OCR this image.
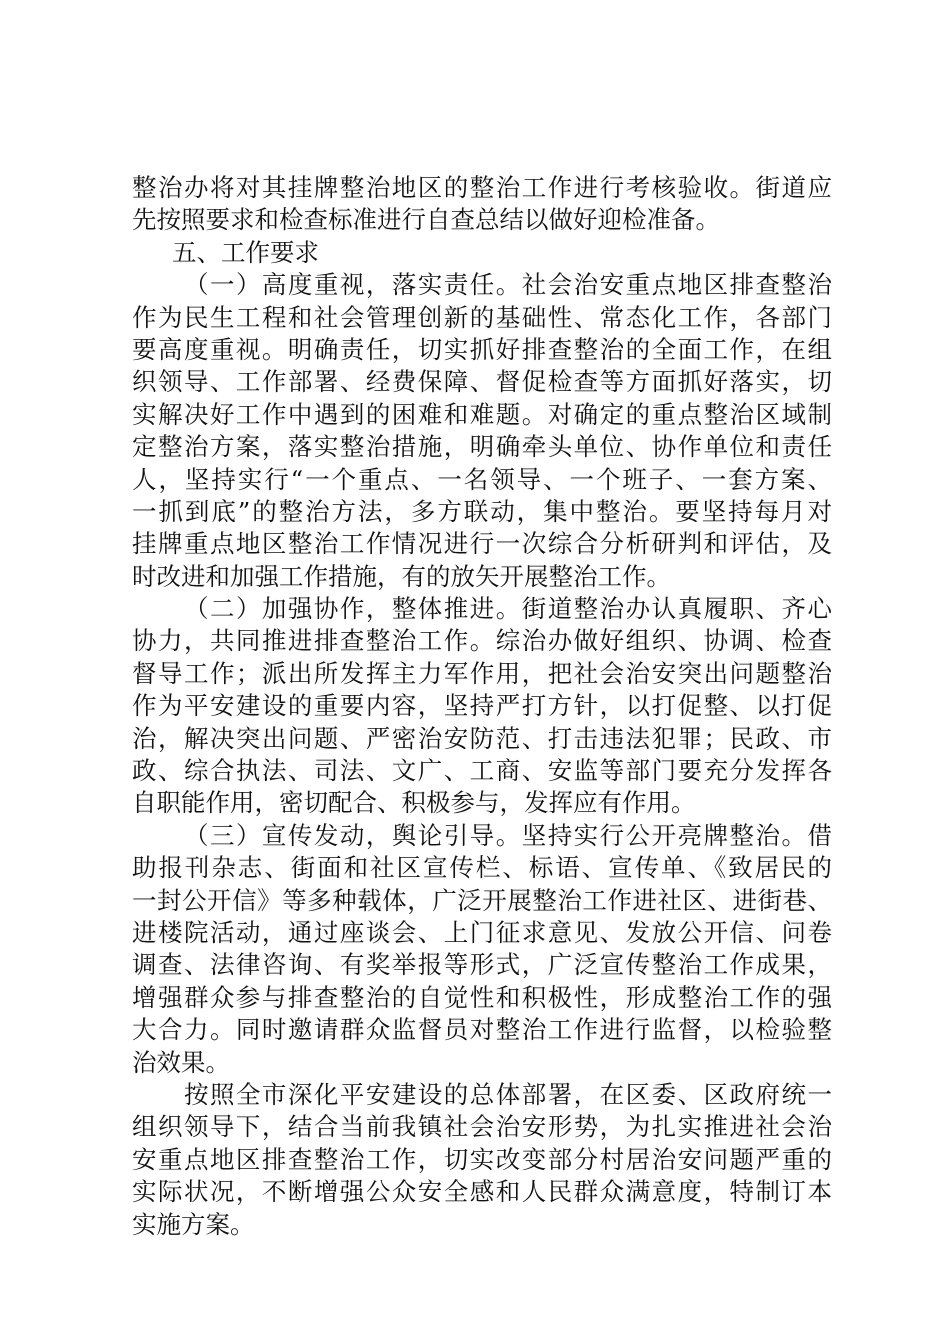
整治办将对其挂牌整治地区的整治工作进行考核验收。街道应
先按照要求和检查标准进行自查总结以做好迎检准备。
五、工作要求
（一）高度重视，落实责任。社会治安重点地区排查整治
作为民生工程和社会管理创新的基础性、常态化工作，各部门
要高度重视。明确责任，切实抓好排查整治的全面工作，在组
织领导、工作部署、经费保障、督促检查等方面抓好落实，切
实解决好工作中遇到的困难和难题。对确定的重点整治区域制
定整治方案，落实整治措施，明确牵头单位、协作单位和责任
人，坚持实行“一个重点、一名领导、一个班子、一套方案、
一抓到底”的整治方法，多方联动，集中整治。要坚持每月对
挂牌重点地区整治工作情况进行一次综合分析研判和评估，及
时改进和加强工作措施，有的放矢开展整治工作。
（二）加强协作，整体推进。街道整治办认真履职、齐心
协力，共同推进排查整治工作。综治办做好组织、协调、检查
督导工作；派出所发挥主力军作用，把社会治安突出问题整治
作为平安建设的重要内容，坚持严打方针，以打促整、以打促
治，解决突出问题、严密治安防范、打击违法犯罪；民政、市
政、综合执法、司法、文广、工商、安监等部门要充分发挥各
自职能作用，密切配合、积极参与，发挥应有作用。
（三）宣传发动，舆论引导。坚持实行公开亮牌整治。借
助报刊杂志、街面和社区宣传栏、标语、宣传单、《致居民的
一封公开信》等多种载体，广泛开展整治工作进社区、进街巷、
进楼院活动，通过座谈会、上门征求意见、发放公开信、问卷
调查、法律咨询、有奖举报等形式，广泛宣传整治工作成果，
增强群众参与排查整治的自觉性和积极性，形成整治工作的强
大合力。同时邀请群众监督员对整治工作进行监督，以检验整
治效果。
按照全市深化平安建设的总体部署，在区委、区政府统一
组织领导下，结合当前我镇社会治安形势，为扎实推进社会治
安重点地区排查整治工作，切实改变部分村居治安问题严重的
实际状况，不断增强公众安全感和人民群众满意度，特制订本
实施方案。
